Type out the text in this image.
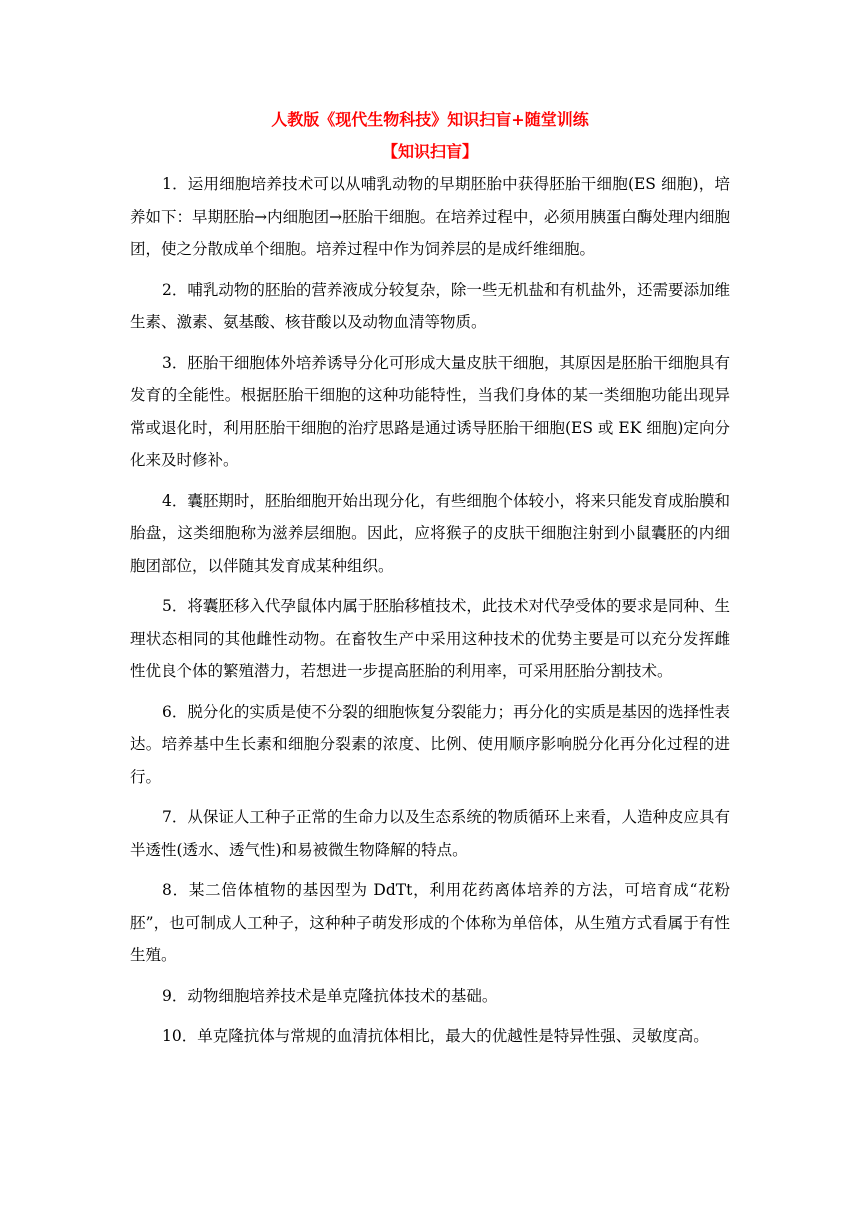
人教版《现代生物科技》知识扫盲+随堂训练
【知识扫盲】

1．运用细胞培养技术可以从哺乳动物的早期胚胎中获得胚胎干细胞(ES 细胞)，培养如下：早期胚胎→内细胞团→胚胎干细胞。在培养过程中，必须用胰蛋白酶处理内细胞团，使之分散成单个细胞。培养过程中作为饲养层的是成纤维细胞。

2．哺乳动物的胚胎的营养液成分较复杂，除一些无机盐和有机盐外，还需要添加维生素、激素、氨基酸、核苷酸以及动物血清等物质。

3．胚胎干细胞体外培养诱导分化可形成大量皮肤干细胞，其原因是胚胎干细胞具有发育的全能性。根据胚胎干细胞的这种功能特性，当我们身体的某一类细胞功能出现异常或退化时，利用胚胎干细胞的治疗思路是通过诱导胚胎干细胞(ES 或 EK 细胞)定向分化来及时修补。

4．囊胚期时，胚胎细胞开始出现分化，有些细胞个体较小，将来只能发育成胎膜和胎盘，这类细胞称为滋养层细胞。因此，应将猴子的皮肤干细胞注射到小鼠囊胚的内细胞团部位，以伴随其发育成某种组织。

5．将囊胚移入代孕鼠体内属于胚胎移植技术，此技术对代孕受体的要求是同种、生理状态相同的其他雌性动物。在畜牧生产中采用这种技术的优势主要是可以充分发挥雌性优良个体的繁殖潜力，若想进一步提高胚胎的利用率，可采用胚胎分割技术。

6．脱分化的实质是使不分裂的细胞恢复分裂能力；再分化的实质是基因的选择性表达。培养基中生长素和细胞分裂素的浓度、比例、使用顺序影响脱分化再分化过程的进行。

7．从保证人工种子正常的生命力以及生态系统的物质循环上来看，人造种皮应具有半透性(透水、透气性)和易被微生物降解的特点。

8．某二倍体植物的基因型为 DdTt，利用花药离体培养的方法，可培育成“花粉胚”，也可制成人工种子，这种种子萌发形成的个体称为单倍体，从生殖方式看属于有性生殖。

9．动物细胞培养技术是单克隆抗体技术的基础。

10．单克隆抗体与常规的血清抗体相比，最大的优越性是特异性强、灵敏度高。
